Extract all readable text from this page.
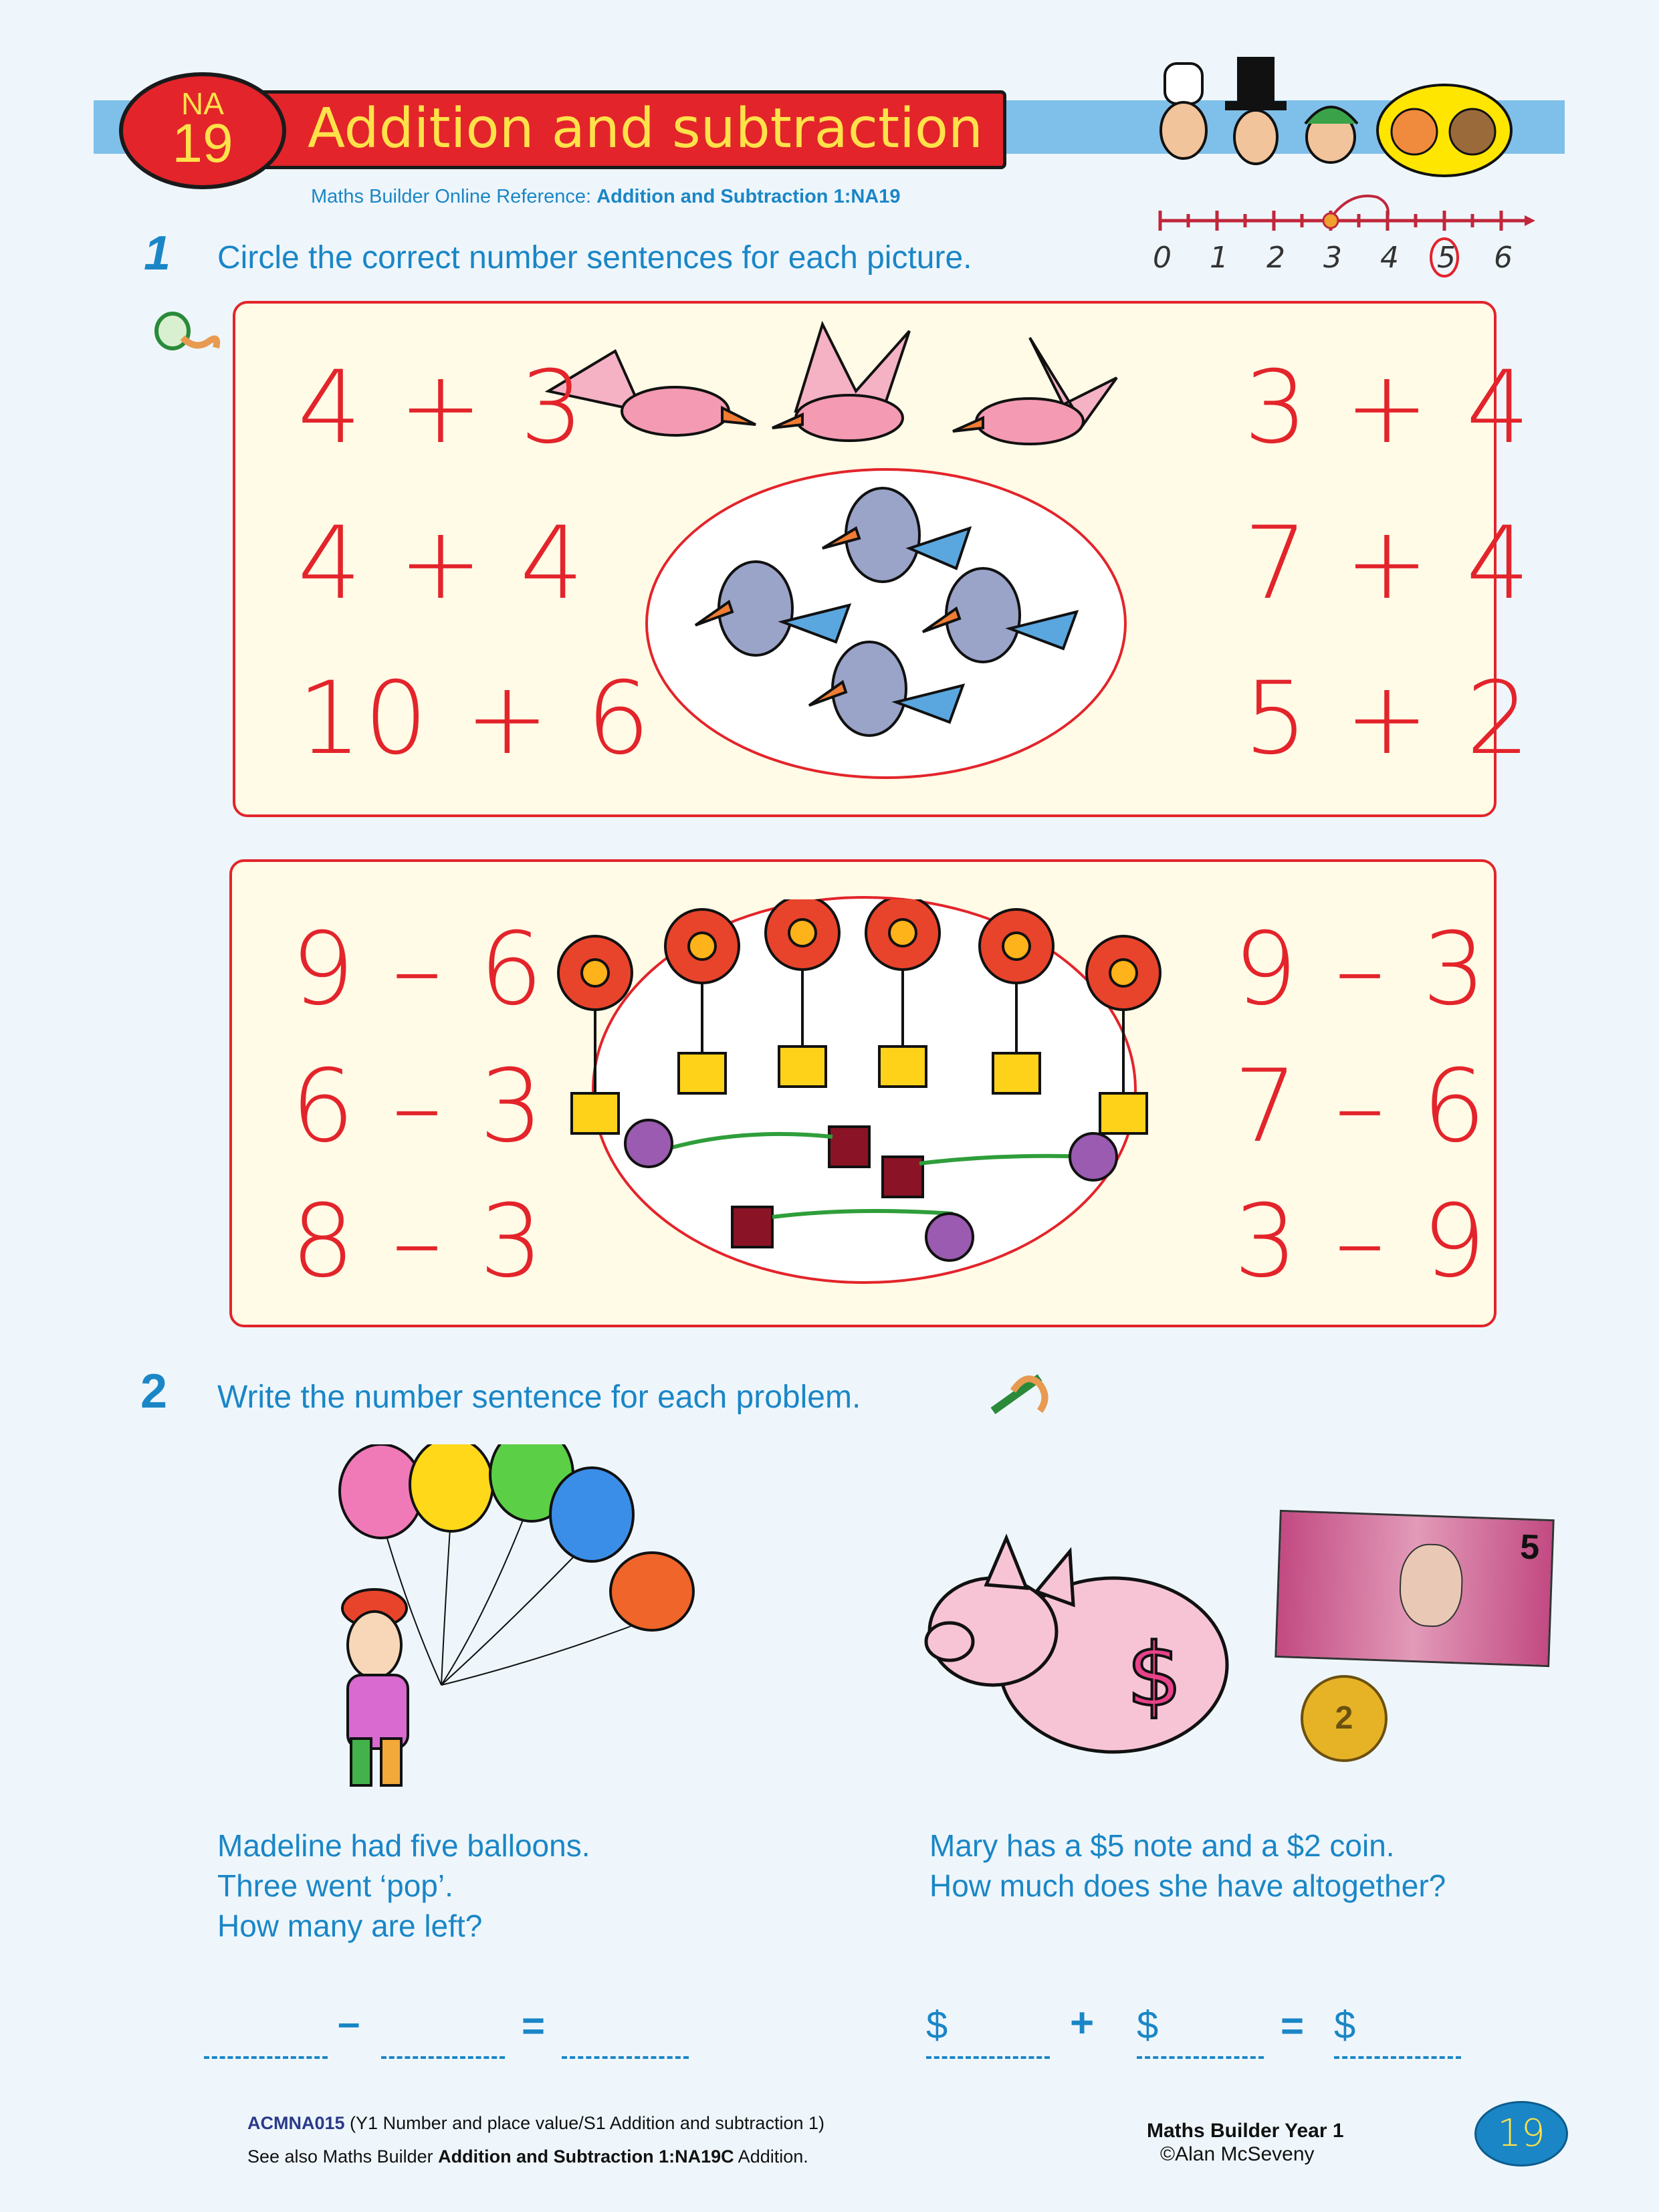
Addition and subtraction
NA
19
Maths Builder Online Reference: Addition and Subtraction 1:NA19
0 1 2 3 4 5 6
1 Circle the correct number sentences for each picture.
4 + 3
4 + 4
10 + 6
3 + 4
7 + 4
5 + 2
9 – 6
6 – 3
8 – 3
9 – 3
7 – 6
3 – 9
2 Write the number sentence for each problem.
$
5
2
Madeline had five balloons.
Three went ‘pop’.
How many are left?
Mary has a $5 note and a $2 coin.
How much does she have altogether?
–	=	$	+ $	= $
ACMNA015 (Y1 Number and place value/S1 Addition and subtraction 1)
See also Maths Builder Addition and Subtraction 1:NA19C Addition.
Maths Builder Year 1
©Alan McSeveny	19
